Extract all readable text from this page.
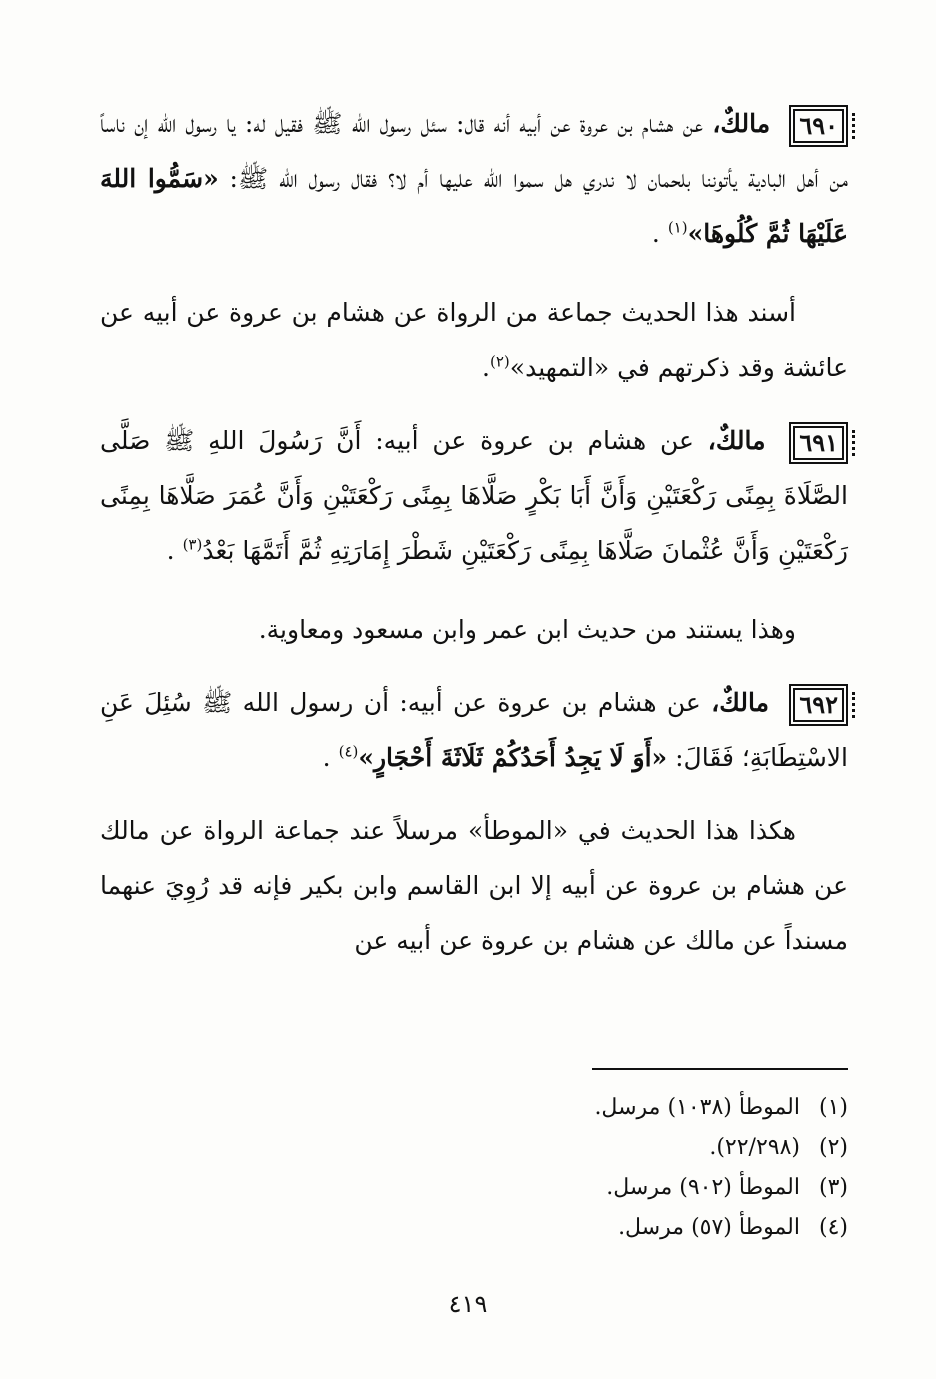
٦٩٠ مالكٌ، عن هشام بن عروة عن أبيه أنه قال: سئل رسول الله ﷺ فقيل له: يا رسول الله إن ناساً من أهل البادية يأتوننا بلحمان لا ندري هل سموا الله عليها أم لا؟ فقال رسول الله ﷺ: «سَمُّوا اللهَ عَلَيْهَا ثُمَّ كُلُوهَا»$^{(١)}$ .

أسند هذا الحديث جماعة من الرواة عن هشام بن عروة عن أبيه عن عائشة وقد ذكرتهم في «التمهيد»$^{(٢)}$.

٦٩١ مالكٌ، عن هشام بن عروة عن أبيه: أَنَّ رَسُولَ اللهِ ﷺ صَلَّى الصَّلَاةَ بِمِنًى رَكْعَتَيْنِ وَأَنَّ أَبَا بَكْرٍ صَلَّاهَا بِمِنًى رَكْعَتَيْنِ وَأَنَّ عُمَرَ صَلَّاهَا بِمِنًى رَكْعَتَيْنِ وَأَنَّ عُثْمانَ صَلَّاهَا بِمِنًى رَكْعَتَيْنِ شَطْرَ إِمَارَتِهِ ثُمَّ أَتَمَّهَا بَعْدُ$^{(٣)}$ .

وهذا يستند من حديث ابن عمر وابن مسعود ومعاوية.

٦٩٢ مالكٌ، عن هشام بن عروة عن أبيه: أن رسول الله ﷺ سُئِلَ عَنِ الاسْتِطَابَةِ؛ فَقَالَ: «أَوَ لَا يَجِدُ أَحَدُكُمْ ثَلَاثَةَ أَحْجَارٍ»$^{(٤)}$ .

هكذا هذا الحديث في «الموطأ» مرسلاً عند جماعة الرواة عن مالك عن هشام بن عروة عن أبيه إلا ابن القاسم وابن بكير فإنه قد رُوِيَ عنهما مسنداً عن مالك عن هشام بن عروة عن أبيه عن

(١)الموطأ (١٠٣٨) مرسل.
(٢)(٢٢/٢٩٨).
(٣)الموطأ (٩٠٢) مرسل.
(٤)الموطأ (٥٧) مرسل.
٤١٩
